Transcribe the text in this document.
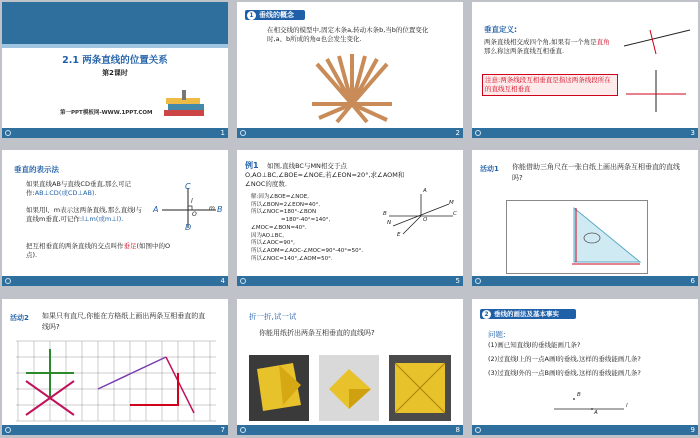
2.1 两条直线的位置关系
第2课时
第一PPT模板网-WWW.1PPT.COM
1
1 垂线的概念
在相交线的模型中,固定木条a,转动木条b,当b的位置变化时,a、b所成的角α也会发生变化.
2
垂直定义:
两条直线相交成四个角,如果有一个角是直角那么称这两条直线互相垂直.
注意:两条线段互相垂直是指这两条线段所在的直线互相垂直
3
垂直的表示法
如果直线AB与直线CD垂直,那么可记作:AB⊥CD(或CD⊥AB).
如果用l、m表示这两条直线,那么直线l与直线m垂直,可记作:l⊥m(或m⊥l).
把互相垂直的两条直线的交点叫作垂足(如图中的O点).
C
D
A	B
O
l
m
4
例1	如图,直线BC与MN相交于点O,AO⊥BC,∠BOE=∠NOE,若∠EON=20°,求∠AOM和∠NOC的度数.
解:因为∠BOE=∠NOE,
所以∠BON=2∠EON=40°.
所以∠NOC=180°-∠BON
=180°-40°=140°,
∠MOC=∠BON=40°.
因为AO⊥BC,
所以∠AOC=90°,
所以∠AOM=∠AOC-∠MOC=90°-40°=50°.
所以∠NOC=140°,∠AOM=50°.
A
B	C
N
M
E
O
5
活动1 你能借助三角尺在一张白纸上画出两条互相垂直的直线吗?
6
活动2 如果只有直尺,你能在方格纸上画出两条互相垂直的直线吗?
7
折一折,试一试
你能用纸折出两条互相垂直的直线吗?
8
2 垂线的画法及基本事实
问题:
(1)画已知直线l的垂线能画几条?
(2)过直线l上的一点A画l的垂线,这样的垂线能画几条?
(3)过直线l外的一点B画l的垂线,这样的垂线能画几条?
B
A
l
9
